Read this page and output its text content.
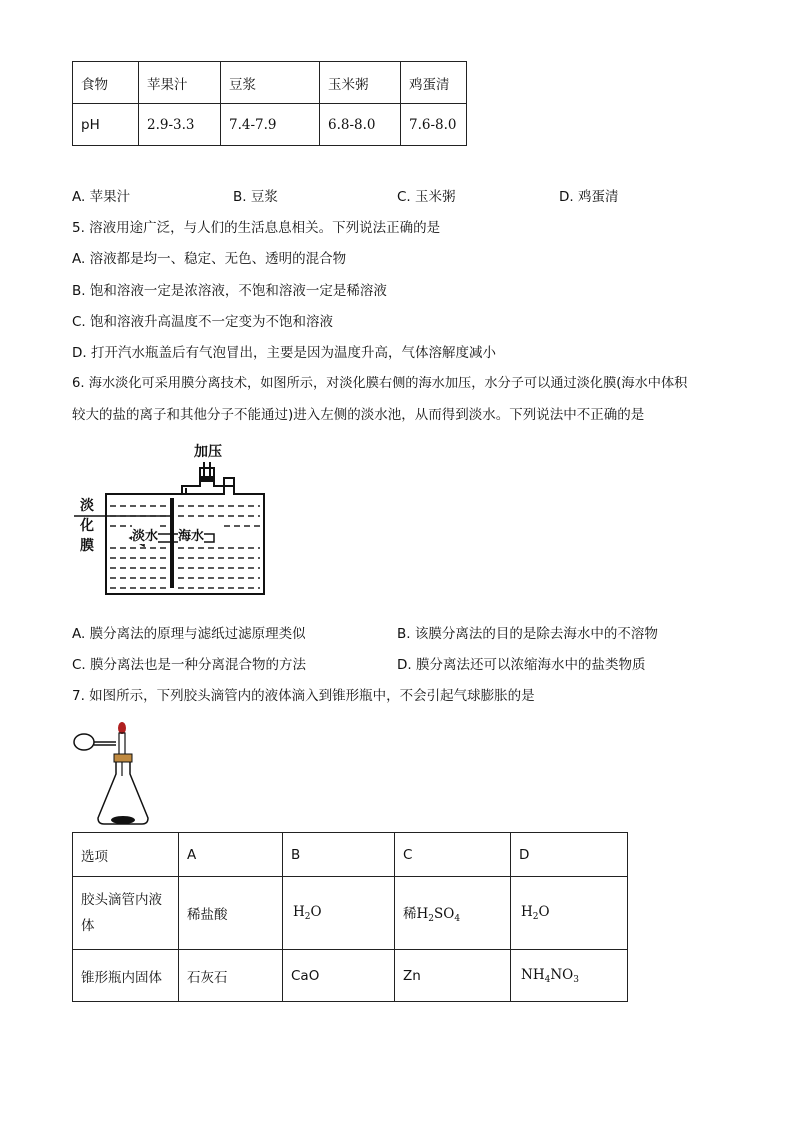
食物	苹果汁	豆浆	玉米粥	鸡蛋清
pH	2.9-3.3	7.4-7.9	6.8-8.0	7.6-8.0
A. 苹果汁	B. 豆浆	C. 玉米粥	D. 鸡蛋清
5. 溶液用途广泛，与人们的生活息息相关。下列说法正确的是
A. 溶液都是均一、稳定、无色、透明的混合物
B. 饱和溶液一定是浓溶液，不饱和溶液一定是稀溶液
C. 饱和溶液升高温度不一定变为不饱和溶液
D. 打开汽水瓶盖后有气泡冒出，主要是因为温度升高，气体溶解度减小
6. 海水淡化可采用膜分离技术，如图所示，对淡化膜右侧的海水加压，水分子可以通过淡化膜(海水中体积
较大的盐的离子和其他分子不能通过)进入左侧的淡水池，从而得到淡水。下列说法中不正确的是
加压
淡
化
膜
淡水 海水
A. 膜分离法的原理与滤纸过滤原理类似	B. 该膜分离法的目的是除去海水中的不溶物
C. 膜分离法也是一种分离混合物的方法	D. 膜分离法还可以浓缩海水中的盐类物质
7. 如图所示，下列胶头滴管内的液体滴入到锥形瓶中，不会引起气球膨胀的是
选项	A	B	C	D
胶头滴管内液
体	稀盐酸	$H_2O$	稀$H_2SO_4$	$H_2O$
锥形瓶内固体	石灰石	CaO	Zn	$NH_4NO_3$
